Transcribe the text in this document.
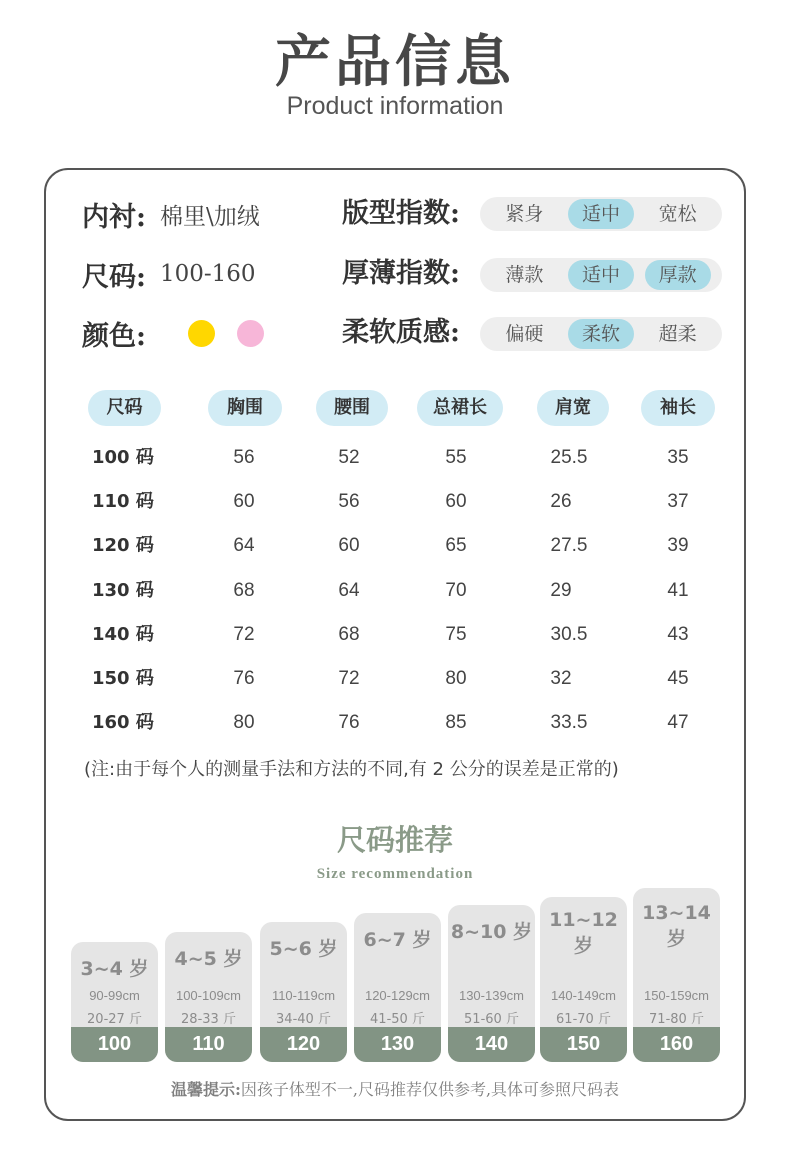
产品信息
Product information
内衬: 棉里\加绒
尺码: 100-160
颜色:
版型指数:	紧身	适中	宽松
厚薄指数:	薄款	适中	厚款
柔软质感:	偏硬	柔软	超柔
尺码	胸围	腰围	总裙长	肩宽	袖长
100 码	56	52	55	25.5	35
110 码	60	56	60	26	37
120 码	64	60	65	27.5	39
130 码	68	64	70	29	41
140 码	72	68	75	30.5	43
150 码	76	72	80	32	45
160 码	80	76	85	33.5	47
(注:由于每个人的测量手法和方法的不同,有 2 公分的误差是正常的)
尺码推荐
Size recommendation
3~4 岁
90-99cm
20-27 斤
100
4~5 岁
100-109cm
28-33 斤
110
5~6 岁
110-119cm
34-40 斤
120
6~7 岁
120-129cm
41-50 斤
130
8~10 岁
130-139cm
51-60 斤
140
11~12 岁
140-149cm
61-70 斤
150
13~14 岁
150-159cm
71-80 斤
160
温馨提示:因孩子体型不一,尺码推荐仅供参考,具体可参照尺码表
